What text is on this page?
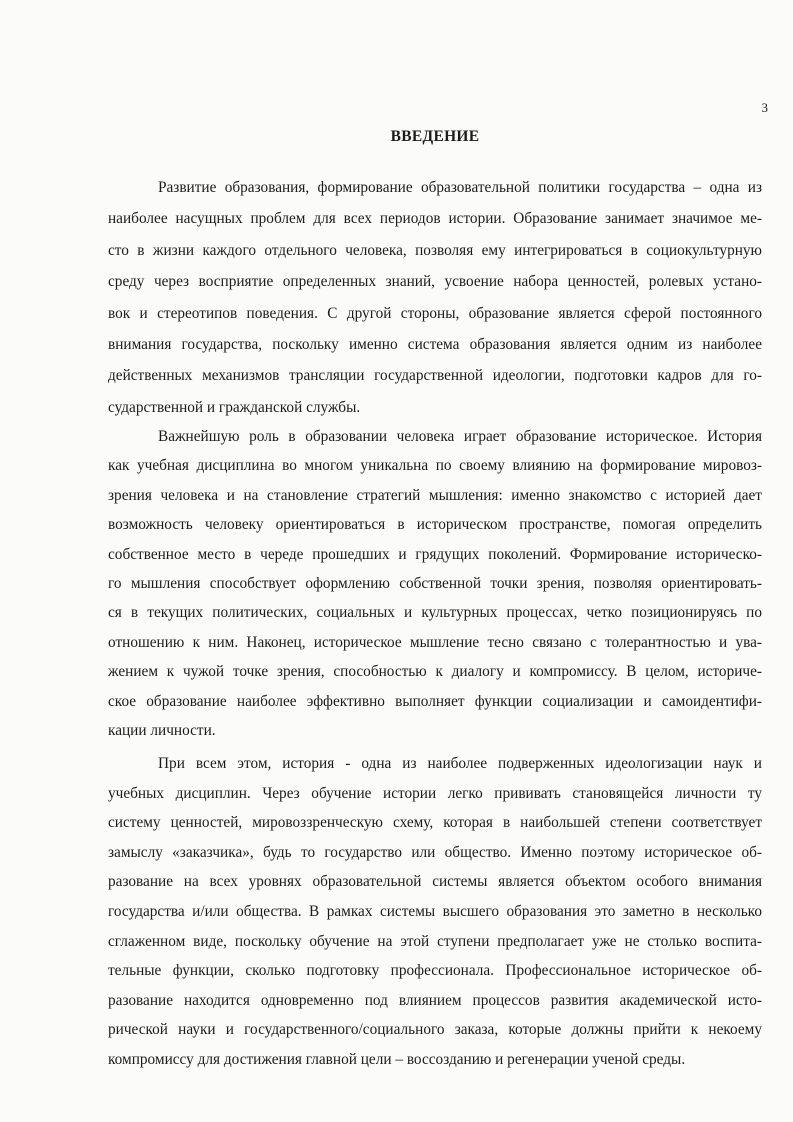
3
ВВЕДЕНИЕ
Развитие образования, формирование образовательной политики государства – одна из
наиболее насущных проблем для всех периодов истории. Образование занимает значимое ме-
сто в жизни каждого отдельного человека, позволяя ему интегрироваться в социокультурную
среду через восприятие определенных знаний, усвоение набора ценностей, ролевых устано-
вок и стереотипов поведения. С другой стороны, образование является сферой постоянного
внимания государства, поскольку именно система образования является одним из наиболее
действенных механизмов трансляции государственной идеологии, подготовки кадров для го-
сударственной и гражданской службы.
Важнейшую роль в образовании человека играет образование историческое. История
как учебная дисциплина во многом уникальна по своему влиянию на формирование мировоз-
зрения человека и на становление стратегий мышления: именно знакомство с историей дает
возможность человеку ориентироваться в историческом пространстве, помогая определить
собственное место в череде прошедших и грядущих поколений. Формирование историческо-
го мышления способствует оформлению собственной точки зрения, позволяя ориентировать-
ся в текущих политических, социальных и культурных процессах, четко позиционируясь по
отношению к ним. Наконец, историческое мышление тесно связано с толерантностью и ува-
жением к чужой точке зрения, способностью к диалогу и компромиссу. В целом, историче-
ское образование наиболее эффективно выполняет функции социализации и самоидентифи-
кации личности.
При всем этом, история - одна из наиболее подверженных идеологизации наук и
учебных дисциплин. Через обучение истории легко прививать становящейся личности ту
систему ценностей, мировоззренческую схему, которая в наибольшей степени соответствует
замыслу «заказчика», будь то государство или общество. Именно поэтому историческое об-
разование на всех уровнях образовательной системы является объектом особого внимания
государства и/или общества. В рамках системы высшего образования это заметно в несколько
сглаженном виде, поскольку обучение на этой ступени предполагает уже не столько воспита-
тельные функции, сколько подготовку профессионала. Профессиональное историческое об-
разование находится одновременно под влиянием процессов развития академической исто-
рической науки и государственного/социального заказа, которые должны прийти к некоему
компромиссу для достижения главной цели – воссозданию и регенерации ученой среды.
